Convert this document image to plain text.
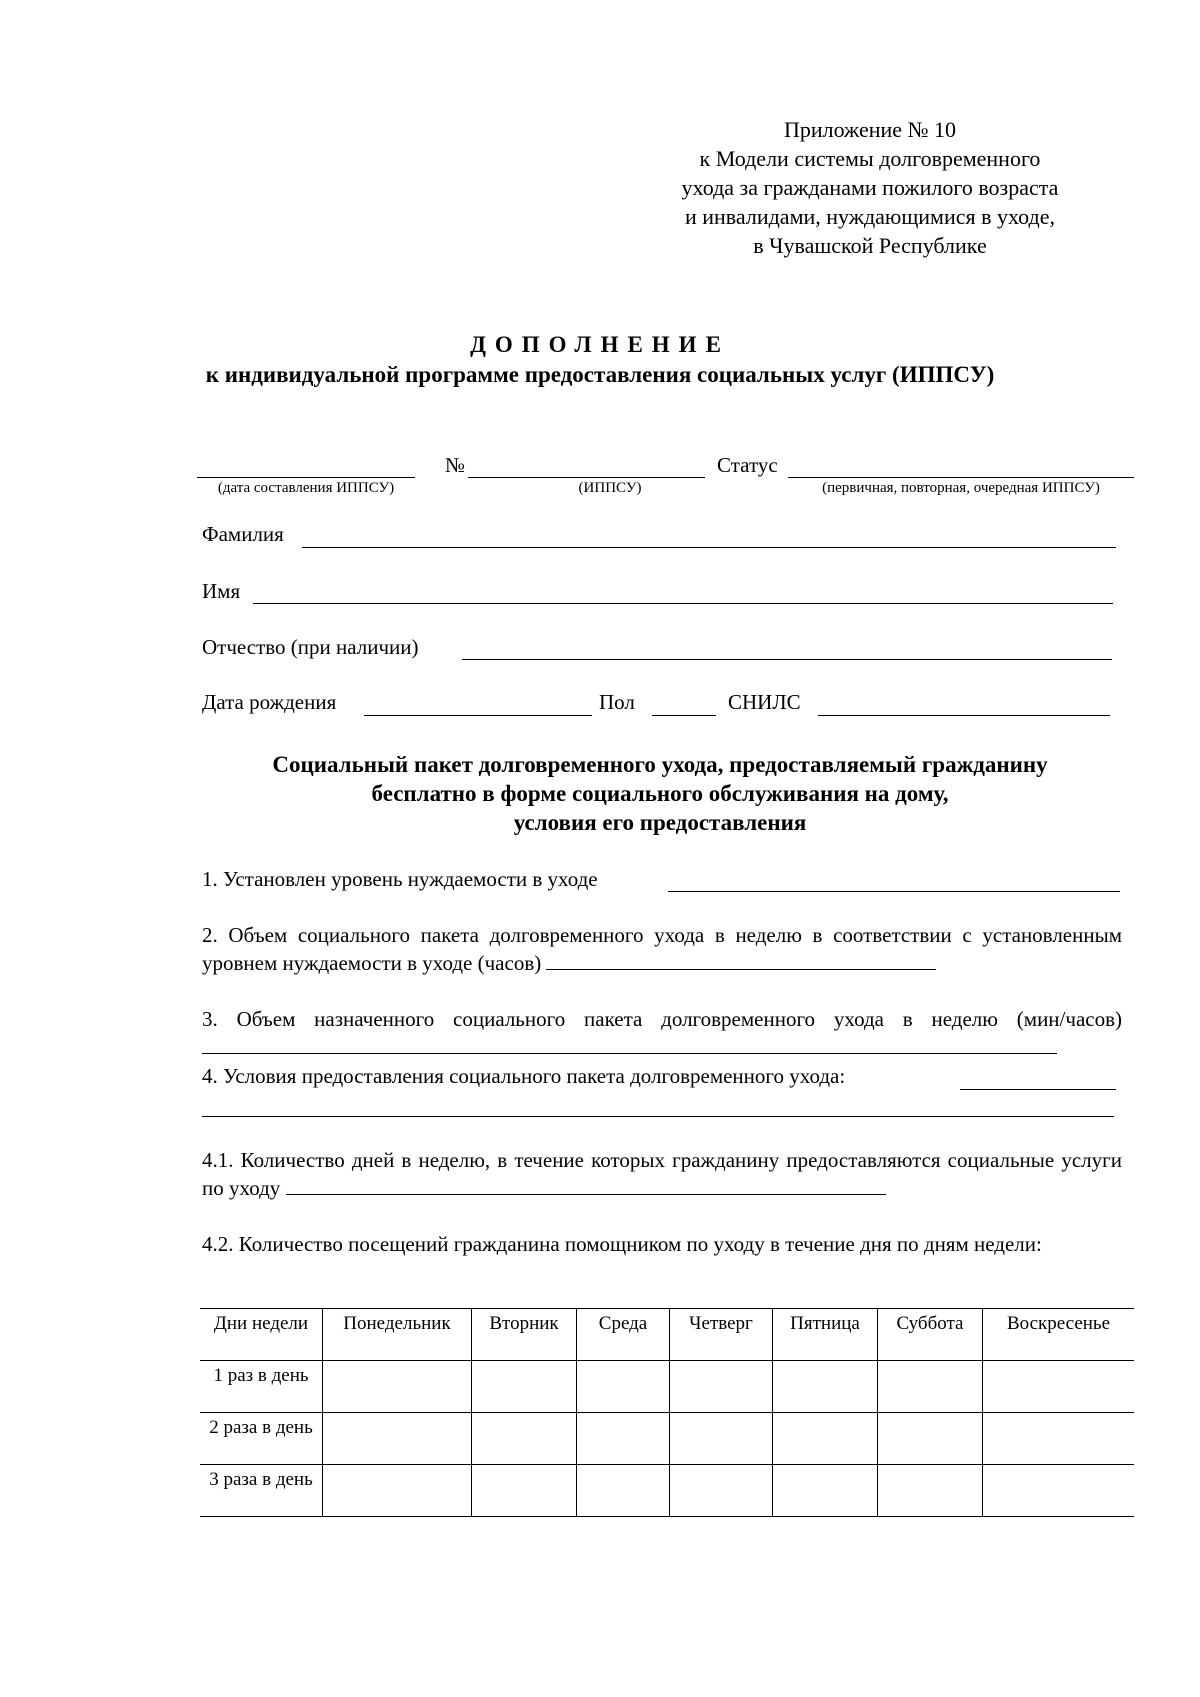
Приложение № 10
к Модели системы долговременного
ухода за гражданами пожилого возраста
и инвалидами, нуждающимися в уходе,
в Чувашской Республике
ДОПОЛНЕНИЕ
к индивидуальной программе предоставления социальных услуг (ИППСУ)
№	Статус
(дата составления ИППСУ)	(ИППСУ)	(первичная, повторная, очередная ИППСУ)
Фамилия
Имя
Отчество (при наличии)
Дата рождения	Пол	СНИЛС
Социальный пакет долговременного ухода, предоставляемый гражданину
бесплатно в форме социального обслуживания на дому,
условия его предоставления
1. Установлен уровень нуждаемости в уходе
2. Объем социального пакета долговременного ухода в неделю в соответствии с установленным уровнем нуждаемости в уходе (часов)
3. Объем назначенного социального пакета долговременного ухода в неделю (мин/часов)
4. Условия предоставления социального пакета долговременного ухода:
4.1. Количество дней в неделю, в течение которых гражданину предоставляются социальные услуги по уходу
4.2. Количество посещений гражданина помощником по уходу в течение дня по дням недели:
Дни недели	Понедельник	Вторник	Среда	Четверг	Пятница	Суббота	Воскресенье
1 раз в день							
2 раза в день							
3 раза в день							
